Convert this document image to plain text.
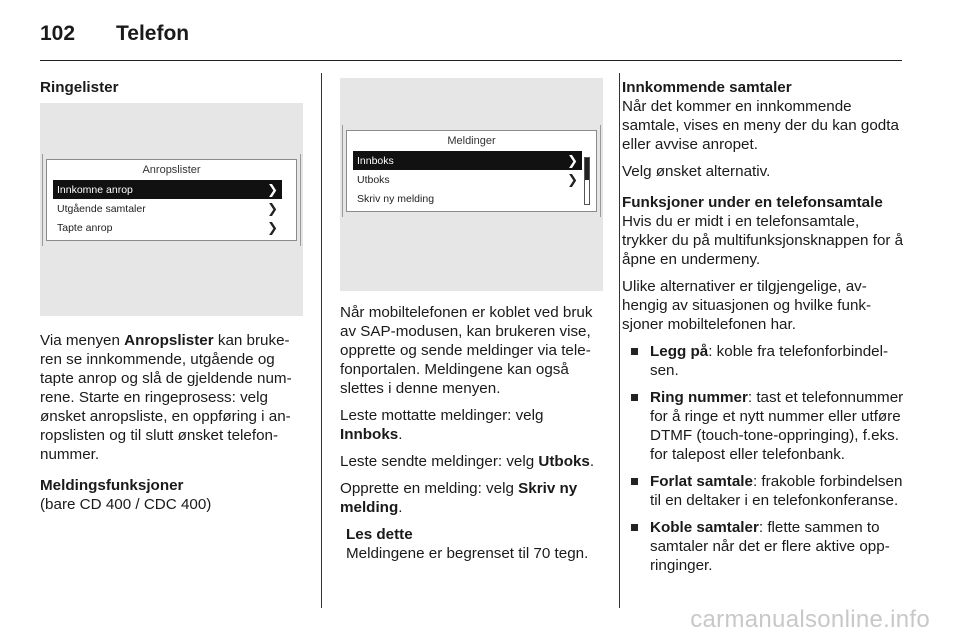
102	Telefon

Ringelister

Anropslister
Innkomne anrop	❯
Utgående samtaler	❯
Tapte anrop	❯

Via menyen Anropslister kan brukeren se innkommende, utgående og tapte anrop og slå de gjeldende numrene. Starte en ringeprosess: velg ønsket anropsliste, en oppføring i anropslisten og til slutt ønsket telefonnummer.

Meldingsfunksjoner

(bare CD 400 / CDC 400)

Meldinger
Innboks	❯
Utboks	❯
Skriv ny melding

Når mobiltelefonen er koblet ved bruk av SAP-modusen, kan brukeren vise, opprette og sende meldinger via telefonportalen. Meldingene kan også slettes i denne menyen.

Leste mottatte meldinger: velg Innboks.

Leste sendte meldinger: velg Utboks.

Opprette en melding: velg Skriv ny melding.

Les dette
Meldingene er begrenset til 70 tegn.
Innkommende samtaler

Når det kommer en innkommende samtale, vises en meny der du kan godta eller avvise anropet.

Velg ønsket alternativ.

Funksjoner under en telefonsamtale

Hvis du er midt i en telefonsamtale, trykker du på multifunksjonsknappen for å åpne en undermeny.

Ulike alternativer er tilgjengelige, avhengig av situasjonen og hvilke funksjoner mobiltelefonen har.

Legg på: koble fra telefonforbindelsen.
Ring nummer: tast et telefonnummer for å ringe et nytt nummer eller utføre DTMF (touch-tone-oppringing), f.eks. for talepost eller telefonbank.
Forlat samtale: frakoble forbindelsen til en deltaker i en telefonkonferanse.
Koble samtaler: flette sammen to samtaler når det er flere aktive oppringinger.
carmanualsonline.info
